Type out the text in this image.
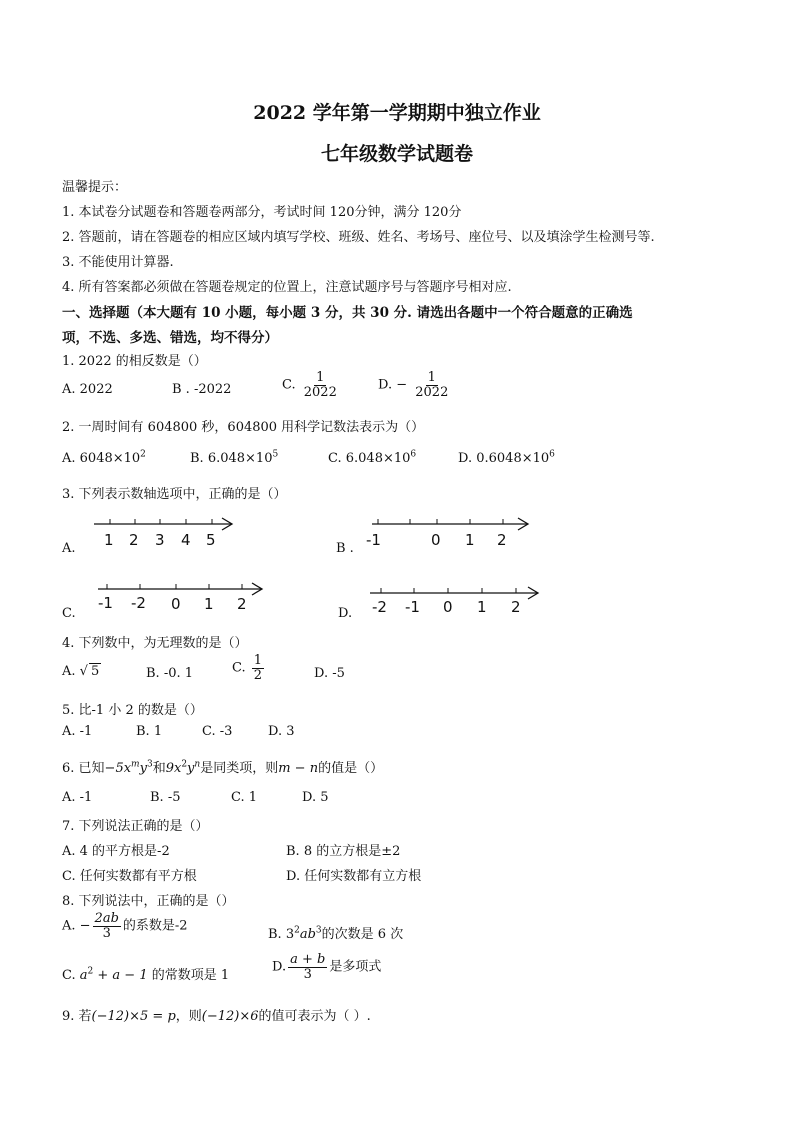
2022 学年第一学期期中独立作业
七年级数学试题卷
温馨提示：
1. 本试卷分试题卷和答题卷两部分，考试时间 120分钟，满分 120分
2. 答题前，请在答题卷的相应区域内填写学校、班级、姓名、考场号、座位号、以及填涂学生检测号等.
3. 不能使用计算器.
4. 所有答案都必须做在答题卷规定的位置上，注意试题序号与答题序号相对应.
一、选择题（本大题有 10 小题，每小题 3 分，共 30 分. 请选出各题中一个符合题意的正确选
项，不选、多选、错选，均不得分）
1. 2022 的相反数是（）
A. 2022	B . -2022	C. $\frac{1}{2022}$	D. − $\frac{1}{2022}$
2. 一周时间有 604800 秒，604800 用科学记数法表示为（）
A. $6048\times 10^2$	B. $6.048\times 10^5$	C. $6.048\times 10^6$	D. $0.6048\times 10^6$
3. 下列表示数轴选项中，正确的是（）
A.	B .
C.	D.
1 2 3 4 5	-1	0 1 2
-1 -2 0 1 2	-2 -1 0 1 2
4. 下列数中，为无理数的是（）
A. √ 5	B. -0. 1	C. $\frac{1}{2}$	D. -5
5. 比-1 小 2 的数是（）
A. -1	B. 1	C. -3	D. 3
6. 已知$-5x^my^3$和$9x^2y^n$是同类项，则m − n的值是（）
A. -1	B. -5	C. 1	D. 5
7. 下列说法正确的是（）
A. 4 的平方根是-2	B. 8 的立方根是±2
C. 任何实数都有平方根	D. 任何实数都有立方根
8. 下列说法中，正确的是（）
A. − $\frac{2ab}{3}$ 的系数是-2
B. $3^2ab^3$的次数是 6 次
C. $a^2 + a - 1$ 的常数项是 1
D. $\frac{a + b}{3}$ 是多项式
9. 若(−12)×5 = p，则(−12)×6的值可表示为（ ）.
